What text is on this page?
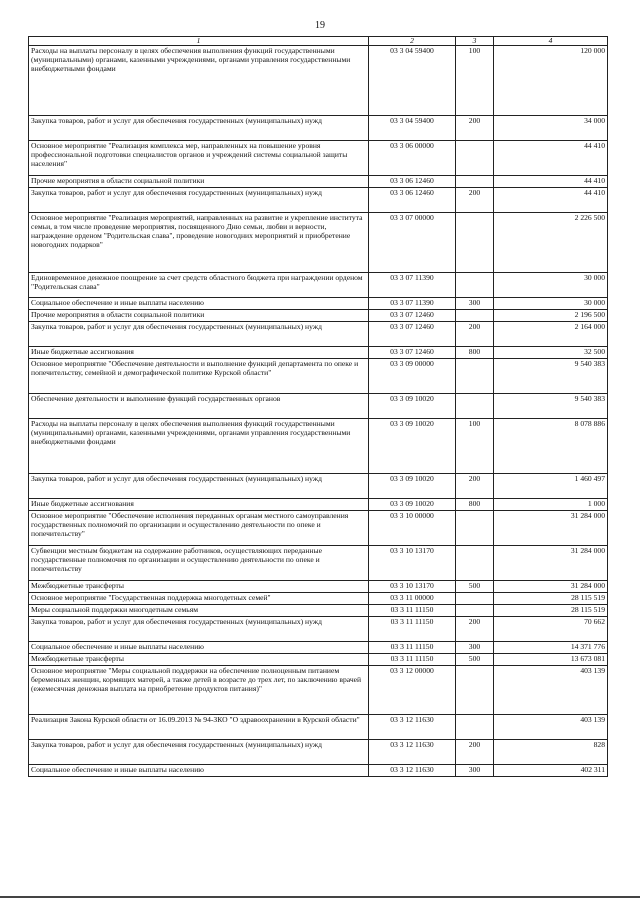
19
1	2	3	4
Расходы на выплаты персоналу в целях обеспечения выполнения функций государственными (муниципальными) органами, казенными учреждениями, органами управления государственными внебюджетными фондами	03 3 04 59400	100	120 000
Закупка товаров, работ и услуг для обеспечения государственных (муниципальных) нужд	03 3 04 59400	200	34 000
Основное мероприятие "Реализация комплекса мер, направленных на повышение уровня профессиональной подготовки специалистов органов и учреждений системы социальной защиты населения"	03 3 06 00000		44 410
Прочие мероприятия в области социальной политики	03 3 06 12460		44 410
Закупка товаров, работ и услуг для обеспечения государственных (муниципальных) нужд	03 3 06 12460	200	44 410
Основное мероприятие "Реализация мероприятий, направленных на развитие и укрепление института семьи, в том числе проведение мероприятия, посвященного Дню семьи, любви и верности, награждение орденом "Родительская слава", проведение новогодних мероприятий и приобретение новогодних подарков"	03 3 07 00000		2 226 500
Единовременное денежное поощрение за счет средств областного бюджета при награждении орденом "Родительская слава"	03 3 07 11390		30 000
Социальное обеспечение и иные выплаты населению	03 3 07 11390	300	30 000
Прочие мероприятия в области социальной политики	03 3 07 12460		2 196 500
Закупка товаров, работ и услуг для обеспечения государственных (муниципальных) нужд	03 3 07 12460	200	2 164 000
Иные бюджетные ассигнования	03 3 07 12460	800	32 500
Основное мероприятие "Обеспечение деятельности и выполнение функций департамента по опеке и попечительству, семейной и демографической политике Курской области"	03 3 09 00000		9 540 383
Обеспечение деятельности и выполнение функций государственных органов	03 3 09 10020		9 540 383
Расходы на выплаты персоналу в целях обеспечения выполнения функций государственными (муниципальными) органами, казенными учреждениями, органами управления государственными внебюджетными фондами	03 3 09 10020	100	8 078 886
Закупка товаров, работ и услуг для обеспечения государственных (муниципальных) нужд	03 3 09 10020	200	1 460 497
Иные бюджетные ассигнования	03 3 09 10020	800	1 000
Основное мероприятие "Обеспечение исполнения переданных органам местного самоуправления государственных полномочий по организации и осуществлению деятельности по опеке и попечительству"	03 3 10 00000		31 284 000
Субвенции местным бюджетам на содержание работников, осуществляющих переданные государственные полномочия по организации и осуществлению деятельности по опеке и попечительству	03 3 10 13170		31 284 000
Межбюджетные трансферты	03 3 10 13170	500	31 284 000
Основное мероприятие "Государственная поддержка многодетных семей"	03 3 11 00000		28 115 519
Меры социальной поддержки многодетным семьям	03 3 11 11150		28 115 519
Закупка товаров, работ и услуг для обеспечения государственных (муниципальных) нужд	03 3 11 11150	200	70 662
Социальное обеспечение и иные выплаты населению	03 3 11 11150	300	14 371 776
Межбюджетные трансферты	03 3 11 11150	500	13 673 081
Основное мероприятие "Меры социальной поддержки на обеспечение полноценным питанием беременных женщин, кормящих матерей, а также детей в возрасте до трех лет, по заключению врачей (ежемесячная денежная выплата на приобретение продуктов питания)"	03 3 12 00000		403 139
Реализация Закона Курской области от 16.09.2013 № 94-ЗКО "О здравоохранении в Курской области"	03 3 12 11630		403 139
Закупка товаров, работ и услуг для обеспечения государственных (муниципальных) нужд	03 3 12 11630	200	828
Социальное обеспечение и иные выплаты населению	03 3 12 11630	300	402 311
